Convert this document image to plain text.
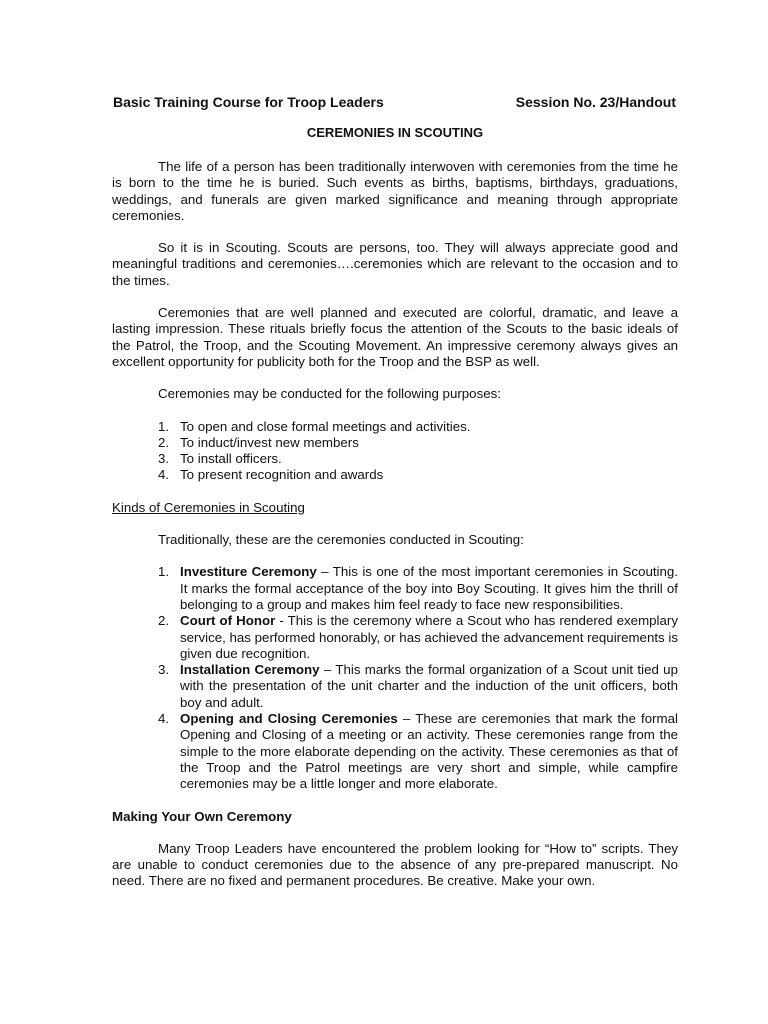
Basic Training Course for Troop Leaders	Session No. 23/Handout
CEREMONIES IN SCOUTING

The life of a person has been traditionally interwoven with ceremonies from the time he is born to the time he is buried. Such events as births, baptisms, birthdays, graduations, weddings, and funerals are given marked significance and meaning through appropriate ceremonies.

So it is in Scouting. Scouts are persons, too. They will always appreciate good and meaningful traditions and ceremonies….ceremonies which are relevant to the occasion and to the times.

Ceremonies that are well planned and executed are colorful, dramatic, and leave a lasting impression. These rituals briefly focus the attention of the Scouts to the basic ideals of the Patrol, the Troop, and the Scouting Movement. An impressive ceremony always gives an excellent opportunity for publicity both for the Troop and the BSP as well.

Ceremonies may be conducted for the following purposes:

1. To open and close formal meetings and activities.
2. To induct/invest new members
3. To install officers.
4. To present recognition and awards
Kinds of Ceremonies in Scouting

Traditionally, these are the ceremonies conducted in Scouting:

1. Investiture Ceremony – This is one of the most important ceremonies in Scouting. It marks the formal acceptance of the boy into Boy Scouting. It gives him the thrill of belonging to a group and makes him feel ready to face new responsibilities.
2. Court of Honor - This is the ceremony where a Scout who has rendered exemplary service, has performed honorably, or has achieved the advancement requirements is given due recognition.
3. Installation Ceremony – This marks the formal organization of a Scout unit tied up with the presentation of the unit charter and the induction of the unit officers, both boy and adult.
4. Opening and Closing Ceremonies – These are ceremonies that mark the formal Opening and Closing of a meeting or an activity. These ceremonies range from the simple to the more elaborate depending on the activity. These ceremonies as that of the Troop and the Patrol meetings are very short and simple, while campfire ceremonies may be a little longer and more elaborate.
Making Your Own Ceremony

Many Troop Leaders have encountered the problem looking for “How to” scripts. They are unable to conduct ceremonies due to the absence of any pre-prepared manuscript. No need. There are no fixed and permanent procedures. Be creative. Make your own.
